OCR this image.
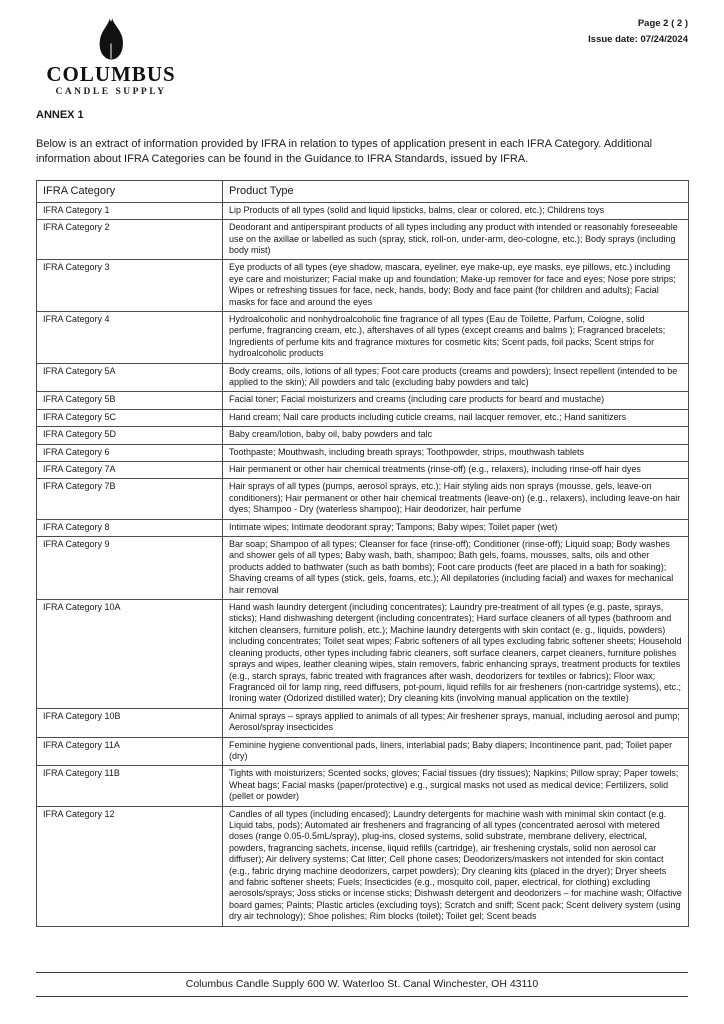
COLUMBUS
CANDLE SUPPLY
Page 2 ( 2 )
Issue date: 07/24/2024
ANNEX 1

Below is an extract of information provided by IFRA in relation to types of application present in each IFRA Category. Additional information about IFRA Categories can be found in the Guidance to IFRA Standards, issued by IFRA.

IFRA Category	Product Type
IFRA Category 1	Lip Products of all types (solid and liquid lipsticks, balms, clear or colored, etc.); Childrens toys
IFRA Category 2	Deodorant and antiperspirant products of all types including any product with intended or reasonably foreseeable use on the axillae or labelled as such (spray, stick, roll-on, under-arm, deo-cologne, etc.); Body sprays (including body mist)
IFRA Category 3	Eye products of all types (eye shadow, mascara, eyeliner, eye make-up, eye masks, eye pillows, etc.) including eye care and moisturizer; Facial make up and foundation; Make-up remover for face and eyes; Nose pore strips; Wipes or refreshing tissues for face, neck, hands, body; Body and face paint (for children and adults); Facial masks for face and around the eyes
IFRA Category 4	Hydroalcoholic and nonhydroalcoholic fine fragrance of all types (Eau de Toilette, Parfum, Cologne, solid perfume, fragrancing cream, etc.), aftershaves of all types (except creams and balms ); Fragranced bracelets; Ingredients of perfume kits and fragrance mixtures for cosmetic kits; Scent pads, foil packs; Scent strips for hydroalcoholic products
IFRA Category 5A	Body creams, oils, lotions of all types; Foot care products (creams and powders); Insect repellent (intended to be applied to the skin); All powders and talc (excluding baby powders and talc)
IFRA Category 5B	Facial toner; Facial moisturizers and creams (including care products for beard and mustache)
IFRA Category 5C	Hand cream; Nail care products including cuticle creams, nail lacquer remover, etc.; Hand sanitizers
IFRA Category 5D	Baby cream/lotion, baby oil, baby powders and talc
IFRA Category 6	Toothpaste; Mouthwash, including breath sprays; Toothpowder, strips, mouthwash tablets
IFRA Category 7A	Hair permanent or other hair chemical treatments (rinse-off) (e.g., relaxers), including rinse-off hair dyes
IFRA Category 7B	Hair sprays of all types (pumps, aerosol sprays, etc.); Hair styling aids non sprays (mousse, gels, leave-on conditioners); Hair permanent or other hair chemical treatments (leave-on) (e.g., relaxers), including leave-on hair dyes; Shampoo - Dry (waterless shampoo); Hair deodorizer, hair perfume
IFRA Category 8	Intimate wipes; Intimate deodorant spray; Tampons; Baby wipes; Toilet paper (wet)
IFRA Category 9	Bar soap; Shampoo of all types; Cleanser for face (rinse-off); Conditioner (rinse-off); Liquid soap; Body washes and shower gels of all types; Baby wash, bath, shampoo; Bath gels, foams, mousses, salts, oils and other products added to bathwater (such as bath bombs); Foot care products (feet are placed in a bath for soaking); Shaving creams of all types (stick, gels, foams, etc.); All depilatories (including facial) and waxes for mechanical hair removal
IFRA Category 10A	Hand wash laundry detergent (including concentrates); Laundry pre-treatment of all types (e.g. paste, sprays, sticks); Hand dishwashing detergent (including concentrates); Hard surface cleaners of all types (bathroom and kitchen cleansers, furniture polish, etc.); Machine laundry detergents with skin contact (e. g., liquids, powders) including concentrates; Toilet seat wipes; Fabric softeners of all types excluding fabric softener sheets; Household cleaning products, other types including fabric cleaners, soft surface cleaners, carpet cleaners, furniture polishes sprays and wipes, leather cleaning wipes, stain removers, fabric enhancing sprays, treatment products for textiles (e.g., starch sprays, fabric treated with fragrances after wash, deodorizers for textiles or fabrics); Floor wax; Fragranced oil for lamp ring, reed diffusers, pot-pourri, liquid refills for air fresheners (non-cartridge systems), etc.; Ironing water (Odorized distilled water); Dry cleaning kits (involving manual application on the textile)
IFRA Category 10B	Animal sprays – sprays applied to animals of all types; Air freshener sprays, manual, including aerosol and pump; Aerosol/spray insecticides
IFRA Category 11A	Feminine hygiene conventional pads, liners, interlabial pads; Baby diapers; Incontinence pant, pad; Toilet paper (dry)
IFRA Category 11B	Tights with moisturizers; Scented socks, gloves; Facial tissues (dry tissues); Napkins; Pillow spray; Paper towels; Wheat bags; Facial masks (paper/protective) e.g., surgical masks not used as medical device; Fertilizers, solid (pellet or powder)
IFRA Category 12	Candles of all types (including encased); Laundry detergents for machine wash with minimal skin contact (e.g. Liquid tabs, pods); Automated air fresheners and fragrancing of all types (concentrated aerosol with metered doses (range 0.05-0.5mL/spray), plug-ins, closed systems, solid substrate, membrane delivery, electrical, powders, fragrancing sachets, incense, liquid refills (cartridge), air freshening crystals, solid non aerosol car diffuser); Air delivery systems; Cat litter; Cell phone cases; Deodorizers/maskers not intended for skin contact (e.g., fabric drying machine deodorizers, carpet powders); Dry cleaning kits (placed in the dryer); Dryer sheets and fabric softener sheets; Fuels; Insecticides (e.g., mosquito coil, paper, electrical, for clothing) excluding aerosols/sprays; Joss sticks or incense sticks; Dishwash detergent and deodorizers – for machine wash; Olfactive board games; Paints; Plastic articles (excluding toys); Scratch and sniff; Scent pack; Scent delivery system (using dry air technology); Shoe polishes; Rim blocks (toilet); Toilet gel; Scent beads
Columbus Candle Supply 600 W. Waterloo St. Canal Winchester, OH 43110
